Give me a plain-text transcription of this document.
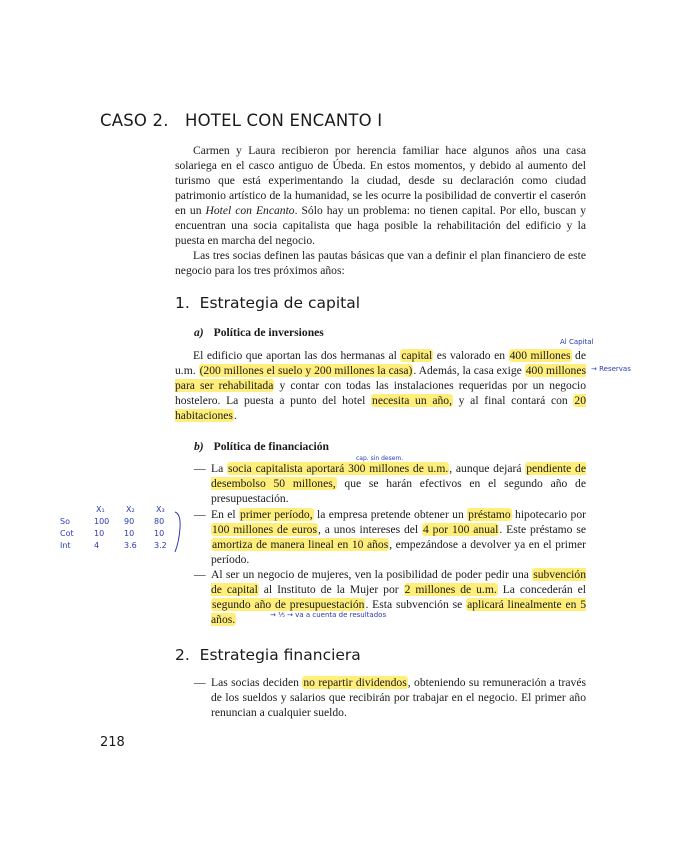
CASO 2. HOTEL CON ENCANTO I

Carmen y Laura recibieron por herencia familiar hace algunos años una casa solariega en el casco antiguo de Úbeda. En estos momentos, y debido al aumento del turismo que está experimentando la ciudad, desde su declaración como ciudad patrimonio artístico de la humanidad, se les ocurre la posibilidad de convertir el caserón en un Hotel con Encanto. Sólo hay un problema: no tienen capital. Por ello, buscan y encuentran una socia capitalista que haga posible la rehabilitación del edificio y la puesta en marcha del negocio.

Las tres socias definen las pautas básicas que van a definir el plan financiero de este negocio para los tres próximos años:

1. Estrategia de capital
a) Política de inversiones

El edificio que aportan las dos hermanas al capital es valorado en 400 millones de u.m. (200 millones el suelo y 200 millones la casa). Además, la casa exige 400 millones para ser rehabilitada y contar con todas las instalaciones requeridas por un negocio hostelero. La puesta a punto del hotel necesita un año, y al final contará con 20 habitaciones.

b) Política de financiación
— La socia capitalista aportará 300 millones de u.m., aunque dejará pendiente de desembolso 50 millones, que se harán efectivos en el segundo año de presupuestación.
— En el primer período, la empresa pretende obtener un préstamo hipotecario por 100 millones de euros, a unos intereses del 4 por 100 anual. Este préstamo se amortiza de manera lineal en 10 años, empezándose a devolver ya en el primer período.
— Al ser un negocio de mujeres, ven la posibilidad de poder pedir una subvención de capital al Instituto de la Mujer por 2 millones de u.m. La concederán el segundo año de presupuestación. Esta subvención se aplicará linealmente en 5 años.
2. Estrategia financiera
— Las socias deciden no repartir dividendos, obteniendo su remuneración a través de los sueldos y salarios que recibirán por trabajar en el negocio. El primer año renuncian a cualquier sueldo.
Al Capital
→ Reservas
cap. sin desem.
→ ¹⁄₅ → va a cuenta de resultados
X₁	X₂	X₃
So	100 90 80
Cot	10 10 10
Int	4	3.6 3.2
218
